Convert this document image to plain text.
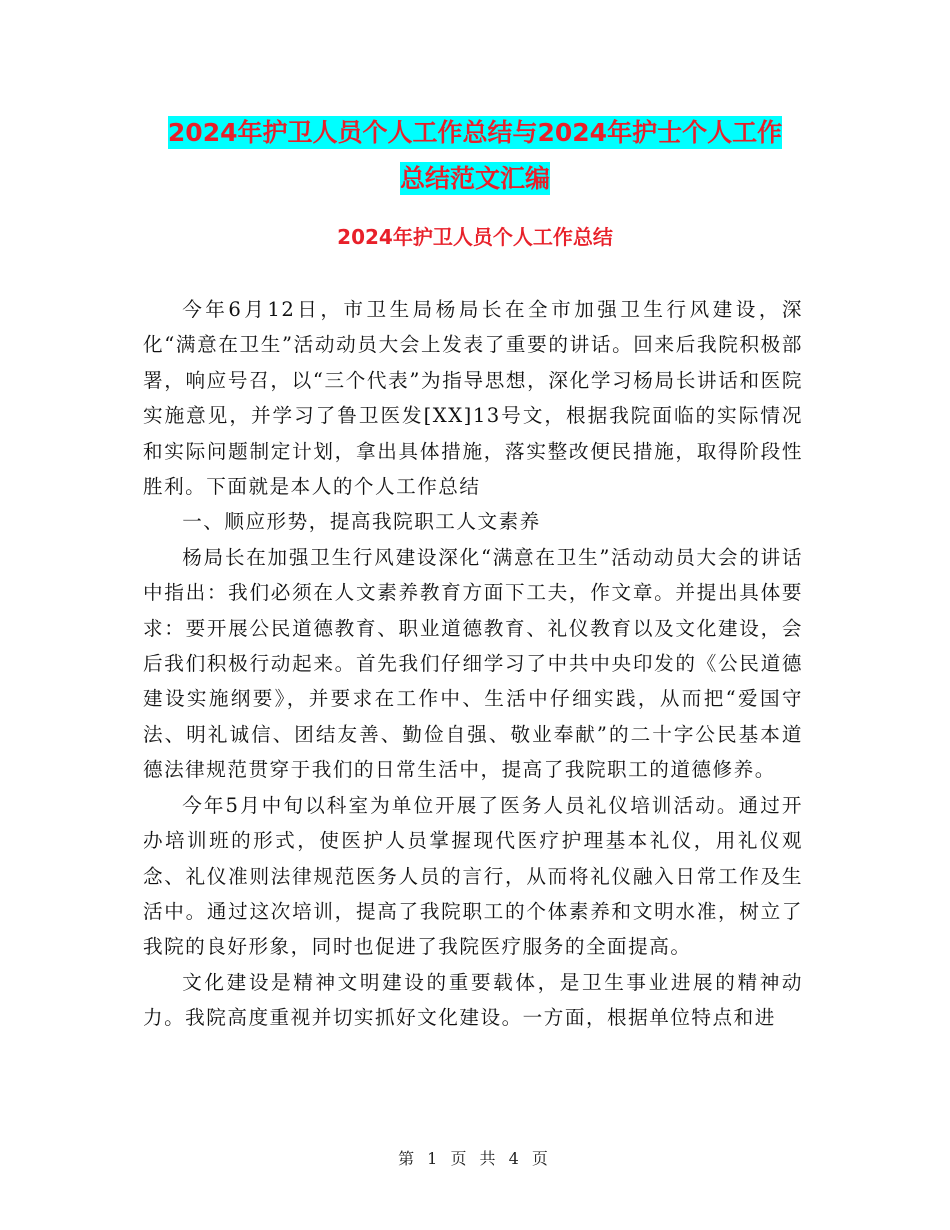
2024年护卫人员个人工作总结与2024年护士个人工作
总结范文汇编
2024年护卫人员个人工作总结

今年6月12日，市卫生局杨局长在全市加强卫生行风建设，深化“满意在卫生”活动动员大会上发表了重要的讲话。回来后我院积极部署，响应号召，以“三个代表”为指导思想，深化学习杨局长讲话和医院实施意见，并学习了鲁卫医发[XX]13号文，根据我院面临的实际情况和实际问题制定计划，拿出具体措施，落实整改便民措施，取得阶段性胜利。下面就是本人的个人工作总结

一、顺应形势，提高我院职工人文素养

杨局长在加强卫生行风建设深化“满意在卫生”活动动员大会的讲话中指出：我们必须在人文素养教育方面下工夫，作文章。并提出具体要求：要开展公民道德教育、职业道德教育、礼仪教育以及文化建设，会后我们积极行动起来。首先我们仔细学习了中共中央印发的《公民道德建设实施纲要》，并要求在工作中、生活中仔细实践，从而把“爱国守法、明礼诚信、团结友善、勤俭自强、敬业奉献”的二十字公民基本道德法律规范贯穿于我们的日常生活中，提高了我院职工的道德修养。

今年5月中旬以科室为单位开展了医务人员礼仪培训活动。通过开办培训班的形式，使医护人员掌握现代医疗护理基本礼仪，用礼仪观念、礼仪准则法律规范医务人员的言行，从而将礼仪融入日常工作及生活中。通过这次培训，提高了我院职工的个体素养和文明水准，树立了我院的良好形象，同时也促进了我院医疗服务的全面提高。

文化建设是精神文明建设的重要载体，是卫生事业进展的精神动力。我院高度重视并切实抓好文化建设。一方面，根据单位特点和进

第 1 页 共 4 页
